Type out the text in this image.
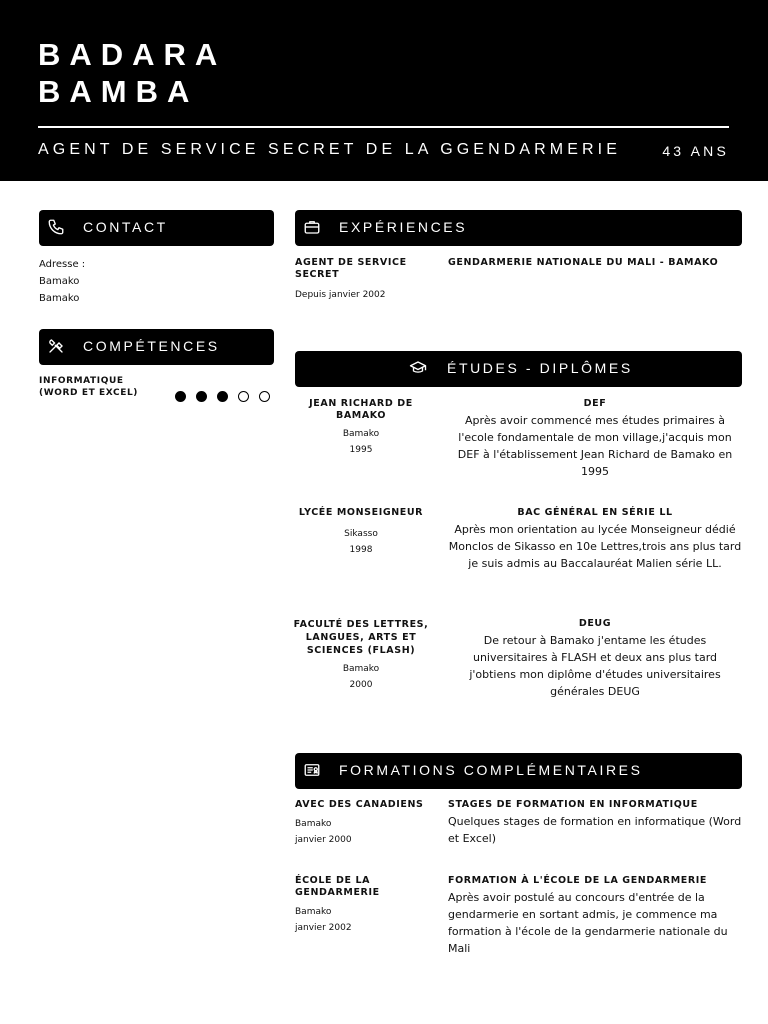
BADARA
BAMBA
AGENT DE SERVICE SECRET DE LA GGENDARMERIE	43 ANS
CONTACT
Adresse :
Bamako
Bamako
COMPÉTENCES
INFORMATIQUE (WORD ET EXCEL)
EXPÉRIENCES
AGENT DE SERVICE SECRET
Depuis janvier 2002
GENDARMERIE NATIONALE DU MALI - BAMAKO
ÉTUDES - DIPLÔMES
JEAN RICHARD DE BAMAKO
Bamako
1995
DEF
Après avoir commencé mes études primaires à l'ecole fondamentale de mon village,j'acquis mon DEF à l'établissement Jean Richard de Bamako en 1995
LYCÉE MONSEIGNEUR
Sikasso
1998
BAC GÉNÉRAL EN SÉRIE LL
Après mon orientation au lycée Monseigneur dédié Monclos de Sikasso en 10e Lettres,trois ans plus tard je suis admis au Baccalauréat Malien série LL.
FACULTÉ DES LETTRES, LANGUES, ARTS ET SCIENCES (FLASH)
Bamako
2000
DEUG
De retour à Bamako j'entame les études universitaires à FLASH et deux ans plus tard j'obtiens mon diplôme d'études universitaires générales DEUG
FORMATIONS COMPLÉMENTAIRES
AVEC DES CANADIENS
Bamako
janvier 2000
STAGES DE FORMATION EN INFORMATIQUE
Quelques stages de formation en informatique (Word et Excel)
ÉCOLE DE LA GENDARMERIE
Bamako
janvier 2002
FORMATION À L'ÉCOLE DE LA GENDARMERIE
Après avoir postulé au concours d'entrée de la gendarmerie en sortant admis, je commence ma formation à l'école de la gendarmerie nationale du Mali
